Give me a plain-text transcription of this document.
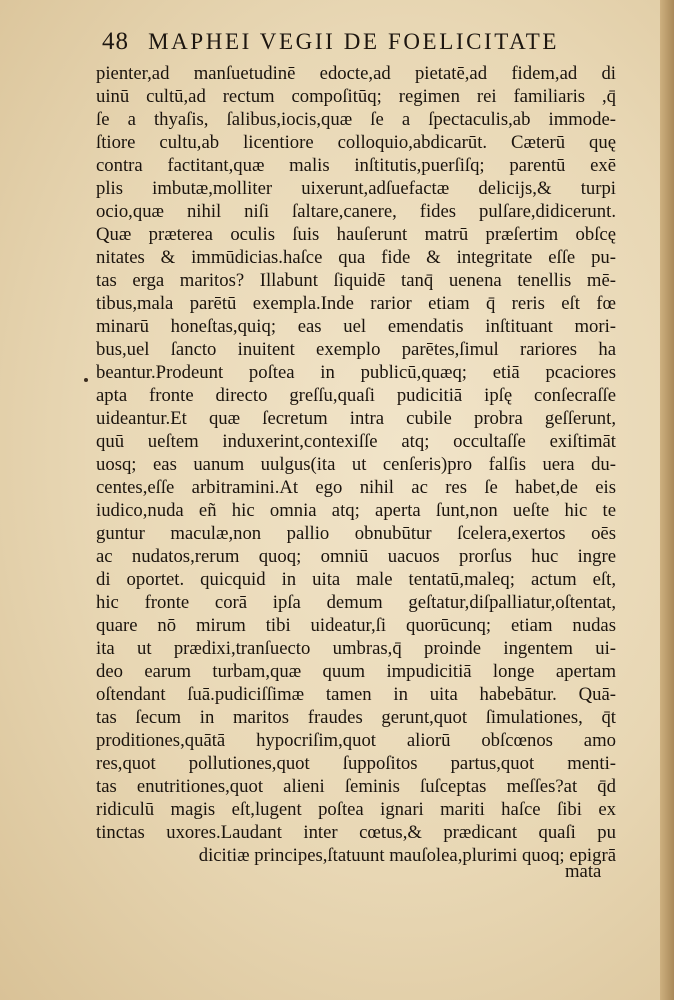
48 MAPHEI VEGII DE FOELICITATE
pienter,ad manſuetudinē edocte,ad pietatē,ad fidem,ad di
uinū cultū,ad rectum compoſitūq; regimen rei familiaris ,q̄
ſe a thyaſis, ſalibus,iocis,quæ ſe a ſpectaculis,ab immode-
ſtiore cultu,ab licentiore colloquio,abdicarūt. Cæterū quę
contra factitant,quæ malis inſtitutis,puerſiſq; parentū exē
plis imbutæ,molliter uixerunt,adſuefactæ delicijs,& turpi
ocio,quæ nihil niſi ſaltare,canere, fides pulſare,didicerunt.
Quæ præterea oculis ſuis hauſerunt matrū præſertim obſcę
nitates & immūdicias.haſce qua fide & integritate eſſe pu-
tas erga maritos? Illabunt ſiquidē tanq̄ uenena tenellis mē-
tibus,mala parētū exempla.Inde rarior etiam q̄ reris eſt fœ
minarū honeſtas,quiq; eas uel emendatis inſtituant mori-
bus,uel ſancto inuitent exemplo parētes,ſimul rariores ha
beantur.Prodeunt poſtea in publicū,quæq; etiā pcaciores
apta fronte directo greſſu,quaſi pudicitiā ipſę conſecraſſe
uideantur.Et quæ ſecretum intra cubile probra geſſerunt,
quū ueſtem induxerint,contexiſſe atq; occultaſſe exiſtimāt
uosq; eas uanum uulgus(ita ut cenſeris)pro falſis uera du-
centes,eſſe arbitramini.At ego nihil ac res ſe habet,de eis
iudico,nuda eñ hic omnia atq; aperta ſunt,non ueſte hic te
guntur maculæ,non pallio obnubūtur ſcelera,exertos oēs
ac nudatos,rerum quoq; omniū uacuos prorſus huc ingre
di oportet. quicquid in uita male tentatū,maleq; actum eſt,
hic fronte corā ipſa demum geſtatur,diſpalliatur,oſtentat,
quare nō mirum tibi uideatur,ſi quorūcunq; etiam nudas
ita ut prædixi,tranſuecto umbras,q̄ proinde ingentem ui-
deo earum turbam,quæ quum impudicitiā longe apertam
oſtendant ſuā.pudiciſſimæ tamen in uita habebātur. Quā-
tas ſecum in maritos fraudes gerunt,quot ſimulationes, q̄t
proditiones,quātā hypocriſim,quot aliorū obſcœnos amo
res,quot pollutiones,quot ſuppoſitos partus,quot menti-
tas enutritiones,quot alieni ſeminis ſuſceptas meſſes?at q̄d
ridiculū magis eſt,lugent poſtea ignari mariti haſce ſibi ex
tinctas uxores.Laudant inter cœtus,& prædicant quaſi pu
dicitiæ principes,ſtatuunt mauſolea,plurimi quoq; epigrā
mata
